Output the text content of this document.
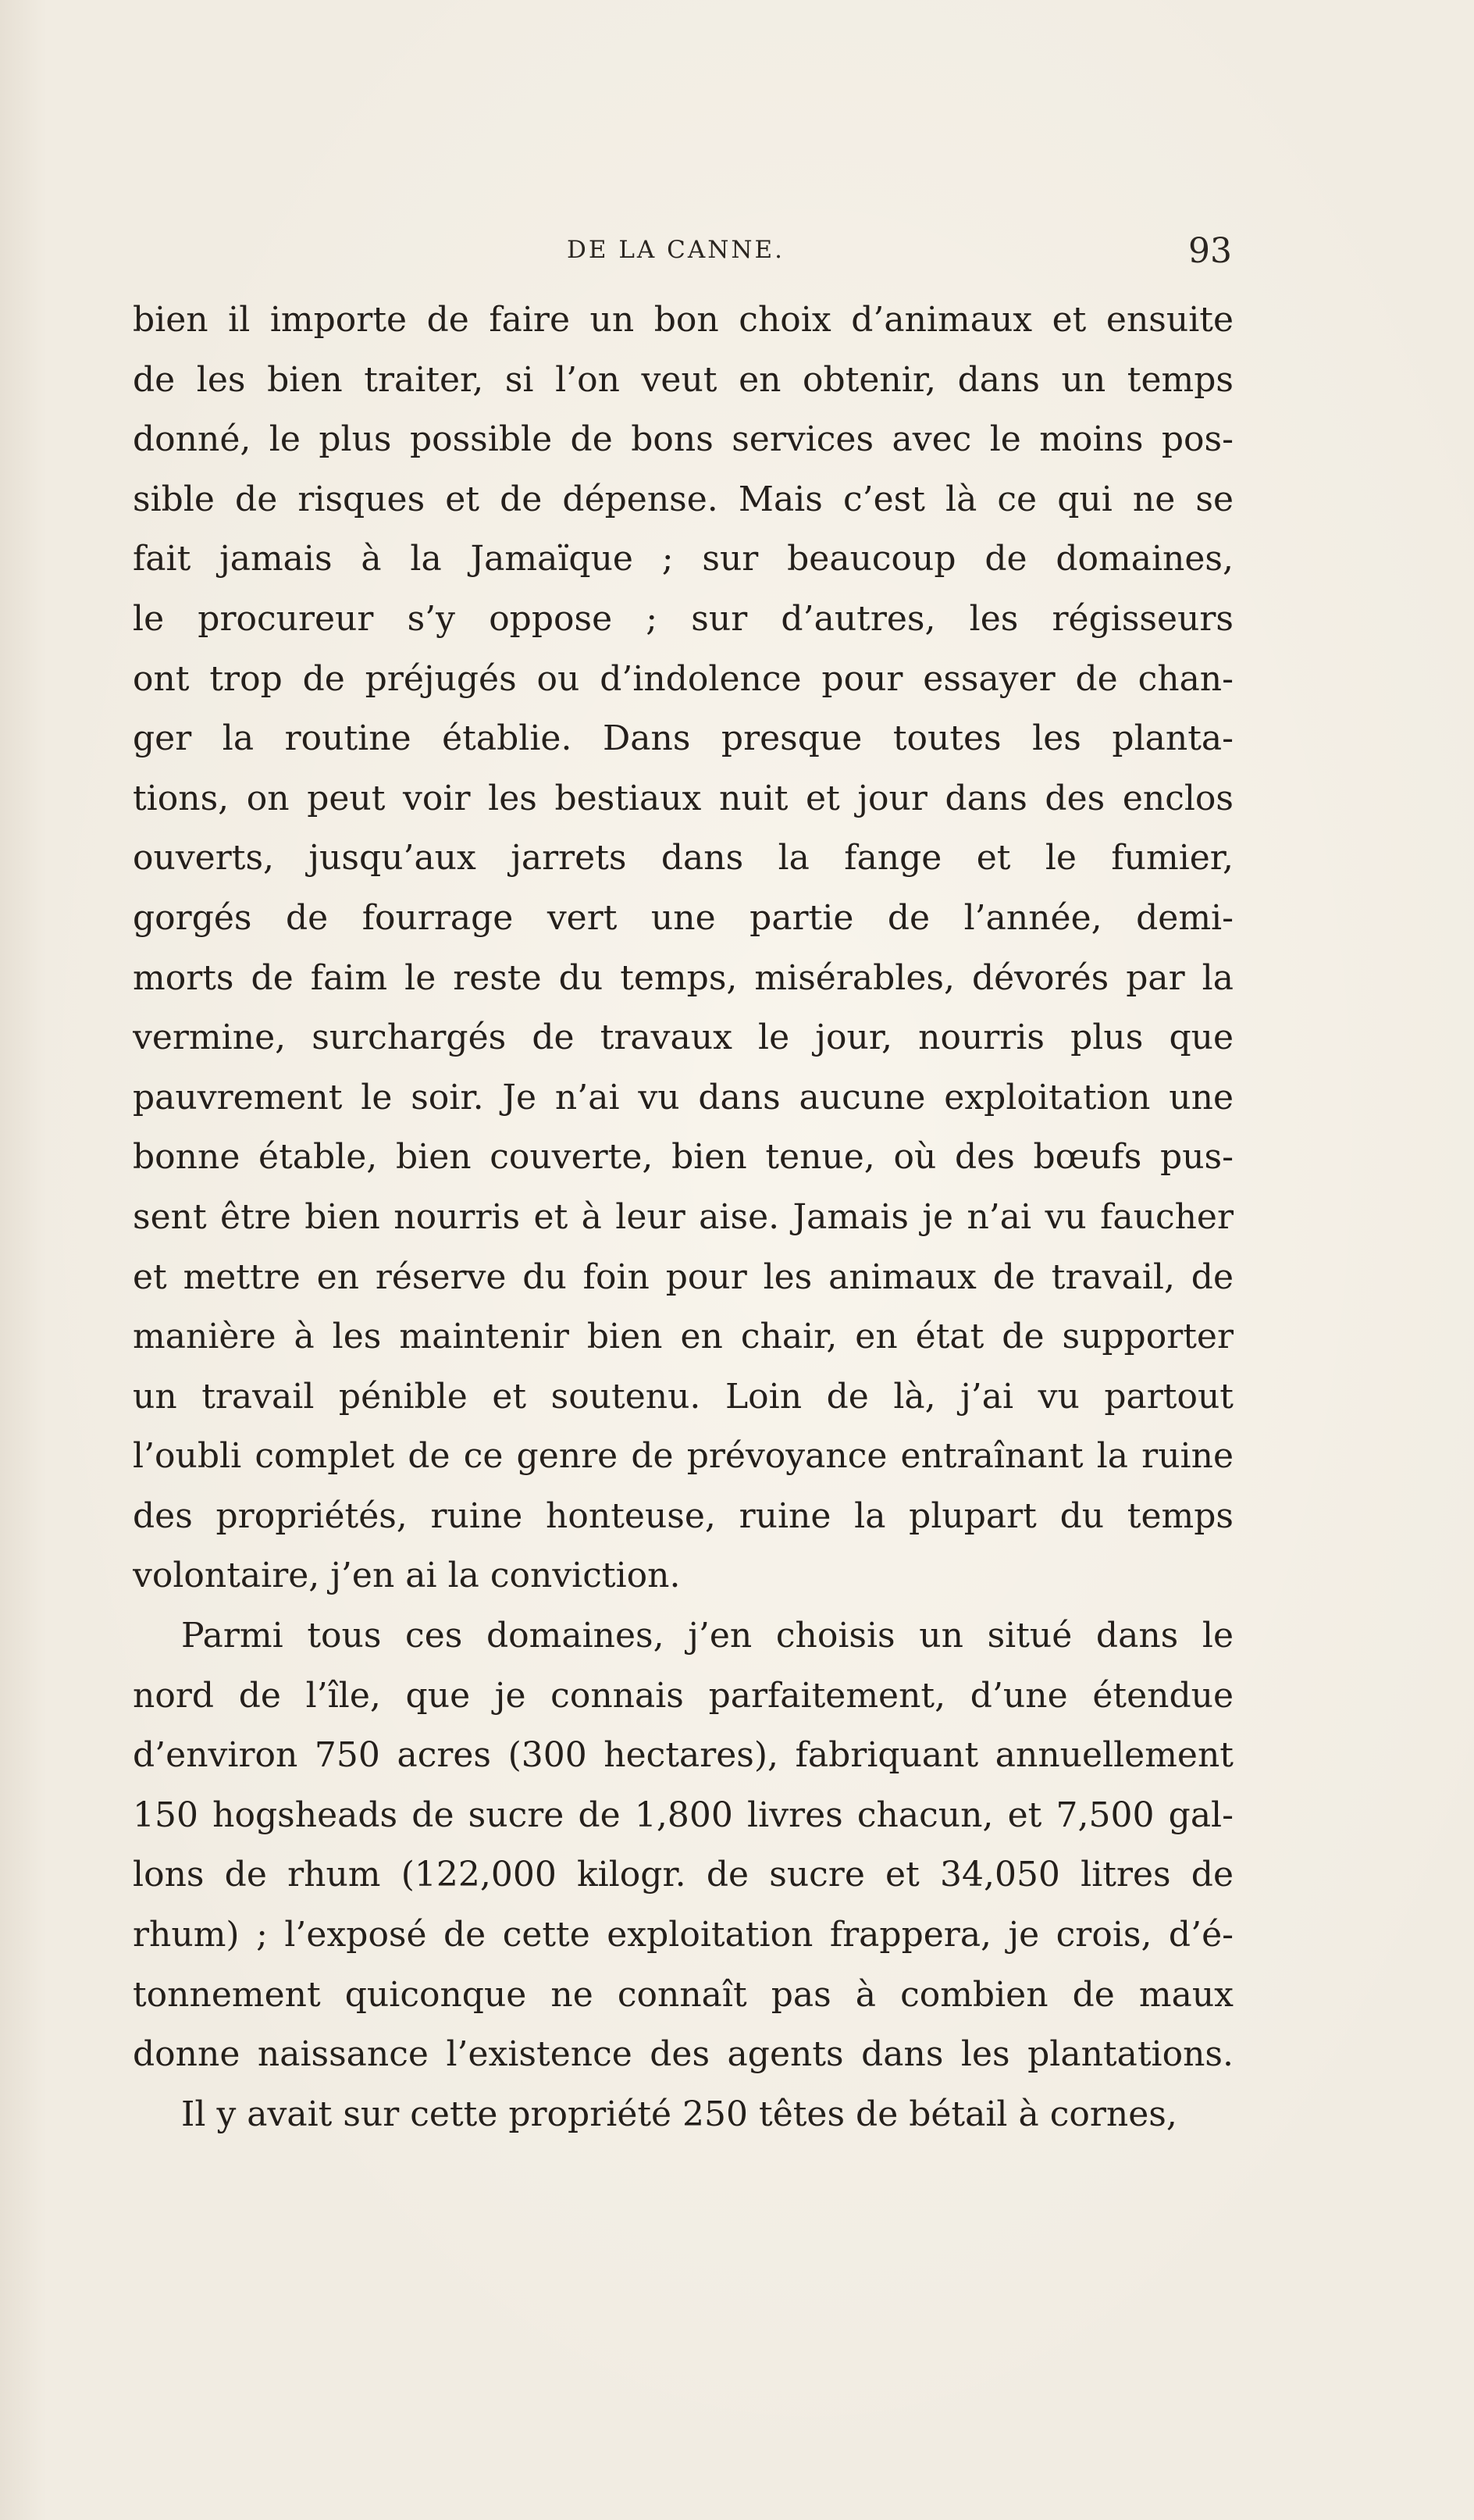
DE LA CANNE.	93
bien il importe de faire un bon choix d’animaux et ensuite
de les bien traiter, si l’on veut en obtenir, dans un temps
donné, le plus possible de bons services avec le moins pos-
sible de risques et de dépense. Mais c’est là ce qui ne se
fait jamais à la Jamaïque ; sur beaucoup de domaines,
le procureur s’y oppose ; sur d’autres, les régisseurs
ont trop de préjugés ou d’indolence pour essayer de chan-
ger la routine établie. Dans presque toutes les planta-
tions, on peut voir les bestiaux nuit et jour dans des enclos
ouverts, jusqu’aux jarrets dans la fange et le fumier,
gorgés de fourrage vert une partie de l’année, demi-
morts de faim le reste du temps, misérables, dévorés par la
vermine, surchargés de travaux le jour, nourris plus que
pauvrement le soir. Je n’ai vu dans aucune exploitation une
bonne étable, bien couverte, bien tenue, où des bœufs pus-
sent être bien nourris et à leur aise. Jamais je n’ai vu faucher
et mettre en réserve du foin pour les animaux de travail, de
manière à les maintenir bien en chair, en état de supporter
un travail pénible et soutenu. Loin de là, j’ai vu partout
l’oubli complet de ce genre de prévoyance entraînant la ruine
des propriétés, ruine honteuse, ruine la plupart du temps
volontaire, j’en ai la conviction.
Parmi tous ces domaines, j’en choisis un situé dans le
nord de l’île, que je connais parfaitement, d’une étendue
d’environ 750 acres (300 hectares), fabriquant annuellement
150 hogsheads de sucre de 1,800 livres chacun, et 7,500 gal-
lons de rhum (122,000 kilogr. de sucre et 34,050 litres de
rhum) ; l’exposé de cette exploitation frappera, je crois, d’é-
tonnement quiconque ne connaît pas à combien de maux
donne naissance l’existence des agents dans les plantations.
Il y avait sur cette propriété 250 têtes de bétail à cornes,
